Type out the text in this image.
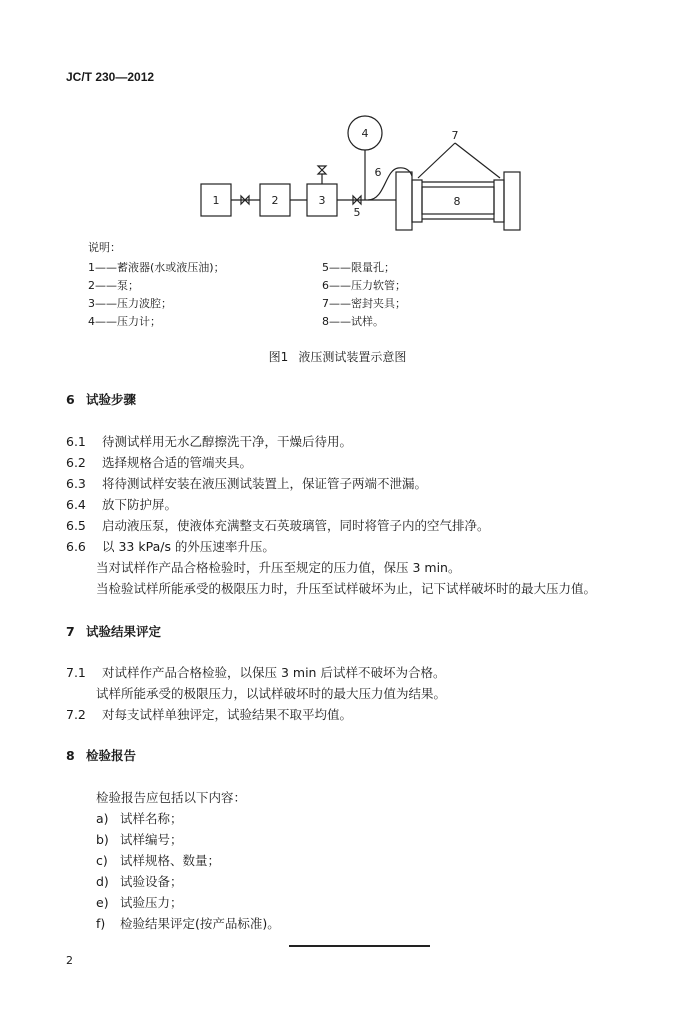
JC/T 230—2012
1	2	3
4
5
6
7
8
说明：
1——蓄液器(水或液压油)；
2——泵；
3——压力波腔；
4——压力计；
5——限量孔；
6——压力软管；
7——密封夹具；
8——试样。
图1 液压测试装置示意图
6 试验步骤
6.1 待测试样用无水乙醇擦洗干净，干燥后待用。
6.2 选择规格合适的管端夹具。
6.3 将待测试样安装在液压测试装置上，保证管子两端不泄漏。
6.4 放下防护屏。
6.5 启动液压泵，使液体充满整支石英玻璃管，同时将管子内的空气排净。
6.6 以 33 kPa/s 的外压速率升压。
当对试样作产品合格检验时，升压至规定的压力值，保压 3 min。
当检验试样所能承受的极限压力时，升压至试样破坏为止，记下试样破坏时的最大压力值。
7 试验结果评定
7.1 对试样作产品合格检验，以保压 3 min 后试样不破坏为合格。
试样所能承受的极限压力，以试样破坏时的最大压力值为结果。
7.2 对每支试样单独评定，试验结果不取平均值。
8 检验报告
检验报告应包括以下内容：
a) 试样名称；
b) 试样编号；
c) 试样规格、数量；
d) 试验设备；
e) 试验压力；
f) 检验结果评定(按产品标准)。
2
